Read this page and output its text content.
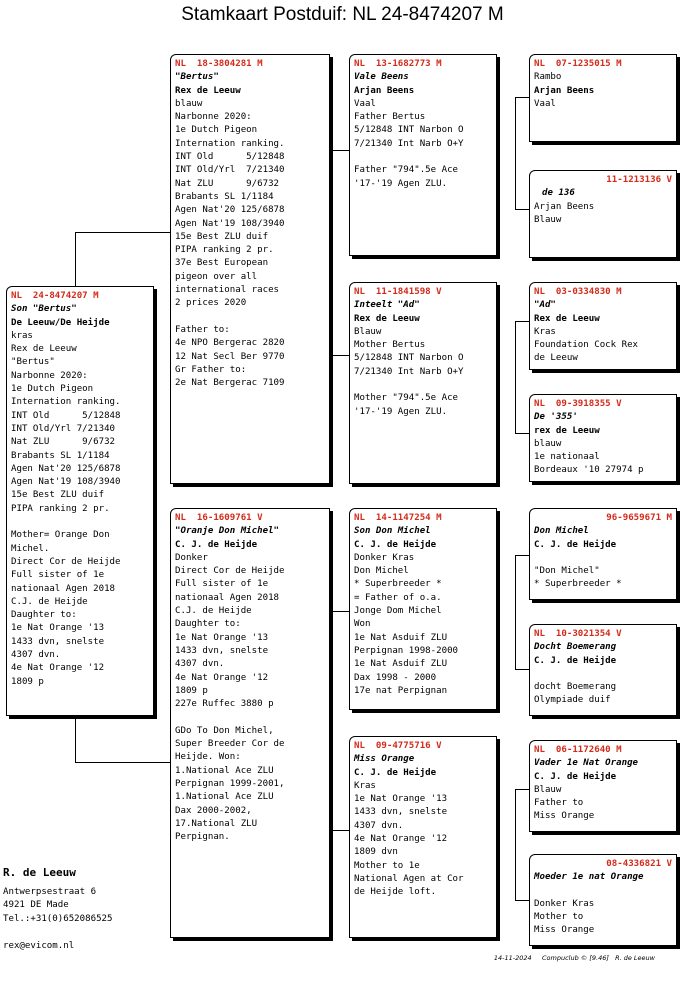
Stamkaart Postduif: NL 24-8474207 M
NL  24-8474207 M
Son "Bertus"
De Leeuw/De Heijde
kras
Rex de Leeuw
"Bertus"
Narbonne 2020:
1e Dutch Pigeon
Internation ranking.
INT Old      5/12848
INT Old/Yrl 7/21340
Nat ZLU      9/6732
Brabants SL 1/1184
Agen Nat'20 125/6878
Agen Nat'19 108/3940
15e Best ZLU duif
PIPA ranking 2 pr.
Mother= Orange Don
Michel.
Direct Cor de Heijde
Full sister of 1e
nationaal Agen 2018
C.J. de Heijde
Daughter to:
1e Nat Orange '13
1433 dvn, snelste
4307 dvn.
4e Nat Orange '12
1809 p
NL  18-3804281 M
"Bertus"
Rex de Leeuw
blauw
Narbonne 2020:
1e Dutch Pigeon
Internation ranking.
INT Old      5/12848
INT Old/Yrl  7/21340
Nat ZLU      9/6732
Brabants SL 1/1184
Agen Nat'20 125/6878
Agen Nat'19 108/3940
15e Best ZLU duif
PIPA ranking 2 pr.
37e Best European
pigeon over all
international races
2 prices 2020
Father to:
4e NPO Bergerac 2820
12 Nat Secl Ber 9770
Gr Father to:
2e Nat Bergerac 7109
NL  16-1609761 V
"Oranje Don Michel"
C. J. de Heijde
Donker
Direct Cor de Heijde
Full sister of 1e
nationaal Agen 2018
C.J. de Heijde
Daughter to:
1e Nat Orange '13
1433 dvn, snelste
4307 dvn.
4e Nat Orange '12
1809 p
227e Ruffec 3880 p
GDo To Don Michel,
Super Breeder Cor de
Heijde. Won:
1.National Ace ZLU
Perpignan 1999-2001,
1.National Ace ZLU
Dax 2000-2002,
17.National ZLU
Perpignan.
NL  13-1682773 M
Vale Beens
Arjan Beens
Vaal
Father Bertus
5/12848 INT Narbon O
7/21340 Int Narb O+Y
Father "794".5e Ace
'17-'19 Agen ZLU.
NL  11-1841598 V
Inteelt "Ad"
Rex de Leeuw
Blauw
Mother Bertus
5/12848 INT Narbon O
7/21340 Int Narb O+Y
Mother "794".5e Ace
'17-'19 Agen ZLU.
NL  14-1147254 M
Son Don Michel
C. J. de Heijde
Donker Kras
Don Michel
* Superbreeder *
= Father of o.a.
Jonge Dom Michel
Won
1e Nat Asduif ZLU
Perpignan 1998-2000
1e Nat Asduif ZLU
Dax 1998 - 2000
17e nat Perpignan
NL  09-4775716 V
Miss Orange
C. J. de Heijde
Kras
1e Nat Orange '13
1433 dvn, snelste
4307 dvn.
4e Nat Orange '12
1809 dvn
Mother to 1e
National Agen at Cor
de Heijde loft.
NL  07-1235015 M
Rambo
Arjan Beens
Vaal
11-1213136 V
de 136
Arjan Beens
Blauw
NL  03-0334830 M
"Ad"
Rex de Leeuw
Kras
Foundation Cock Rex
de Leeuw
NL  09-3918355 V
De '355'
rex de Leeuw
blauw
1e nationaal
Bordeaux '10 27974 p
96-9659671 M
Don Michel
C. J. de Heijde
"Don Michel"
* Superbreeder *
NL  10-3021354 V
Docht Boemerang
C. J. de Heijde
docht Boemerang
Olympiade duif
NL  06-1172640 M
Vader 1e Nat Orange
C. J. de Heijde
Blauw
Father to
Miss Orange
08-4336821 V
Moeder 1e nat Orange
Donker Kras
Mother to
Miss Orange
R. de Leeuw
Antwerpsestraat 6
4921 DE Made
Tel.:+31(0)652086525
rex@evicom.nl
14-11-2024     Compuclub © [9.46]   R. de Leeuw
